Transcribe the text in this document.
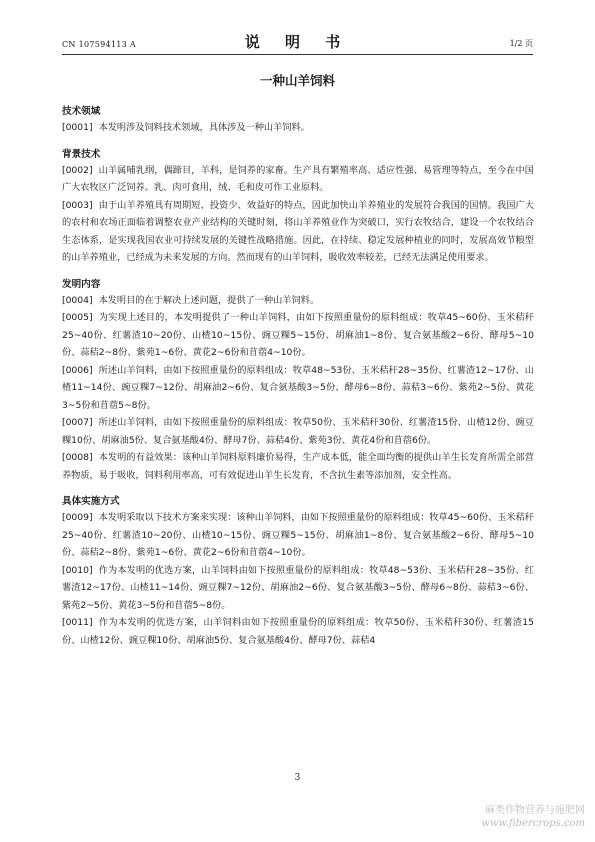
CN 107594113 A	说 明 书	1/2 页
一种山羊饲料
技术领域

[0001] 本发明涉及饲料技术领域，具体涉及一种山羊饲料。

背景技术

[0002] 山羊属哺乳纲，偶蹄目，羊科，是饲养的家畜。生产具有繁殖率高、适应性强、易管理等特点，至今在中国广大农牧区广泛饲养。乳、肉可食用，绒、毛和皮可作工业原料。

[0003] 由于山羊养殖具有周期短、投资少、效益好的特点，因此加快山羊养殖业的发展符合我国的国情。我国广大的农村和农场正面临着调整农业产业结构的关键时刻，将山羊养殖业作为突破口，实行农牧结合，建设一个农牧结合生态体系，是实现我国农业可持续发展的关键性战略措施。因此，在持续、稳定发展种植业的同时，发展高效节粮型的山羊养殖业，已经成为未来发展的方向。然而现有的山羊饲料，吸收效率较差，已经无法满足使用要求。

发明内容

[0004] 本发明目的在于解决上述问题，提供了一种山羊饲料。

[0005] 为实现上述目的，本发明提供了一种山羊饲料，由如下按照重量份的原料组成：牧草45~60份、玉米秸秆25~40份、红薯渣10~20份、山楂10~15份、豌豆粿5~15份、胡麻油1~8份、复合氨基酸2~6份、酵母5~10份、蒜秸2~8份、紫苑1~6份、黄花2~6份和苜蓿4~10份。

[0006] 所述山羊饲料，由如下按照重量份的原料组成：牧草48~53份、玉米秸秆28~35份、红薯渣12~17份、山楂11~14份、豌豆粿7~12份、胡麻油2~6份、复合氨基酸3~5份、酵母6~8份、蒜秸3~6份、紫苑2~5份、黄花3~5份和苜蓿5~8份。

[0007] 所述山羊饲料，由如下按照重量份的原料组成：牧草50份、玉米秸秆30份、红薯渣15份、山楂12份、豌豆粿10份、胡麻油5份、复合氨基酸4份、酵母7份、蒜秸4份、紫苑3份、黄花4份和苜蓿6份。

[0008] 本发明的有益效果：该种山羊饲料原料廉价易得，生产成本低，能全面均衡的提供山羊生长发育所需全部营养物质，易于吸收，饲料利用率高，可有效促进山羊生长发育，不含抗生素等添加剂，安全性高。

具体实施方式

[0009] 本发明采取以下技术方案来实现：该种山羊饲料，由如下按照重量份的原料组成：牧草45~60份、玉米秸秆25~40份、红薯渣10~20份、山楂10~15份、豌豆粿5~15份、胡麻油1~8份、复合氨基酸2~6份、酵母5~10份、蒜秸2~8份、紫苑1~6份、黄花2~6份和苜蓿4~10份。

[0010] 作为本发明的优选方案，山羊饲料由如下按照重量份的原料组成：牧草48~53份、玉米秸秆28~35份、红薯渣12~17份、山楂11~14份、豌豆粿7~12份、胡麻油2~6份、复合氨基酸3~5份、酵母6~8份、蒜秸3~6份、紫苑2~5份、黄花3~5份和苜蓿5~8份。

[0011] 作为本发明的优选方案，山羊饲料由如下按照重量份的原料组成：牧草50份、玉米秸秆30份、红薯渣15份、山楂12份、豌豆粿10份、胡麻油5份、复合氨基酸4份、酵母7份、蒜秸4

3
麻类作物营养与施肥网
www.fibercrops.com
